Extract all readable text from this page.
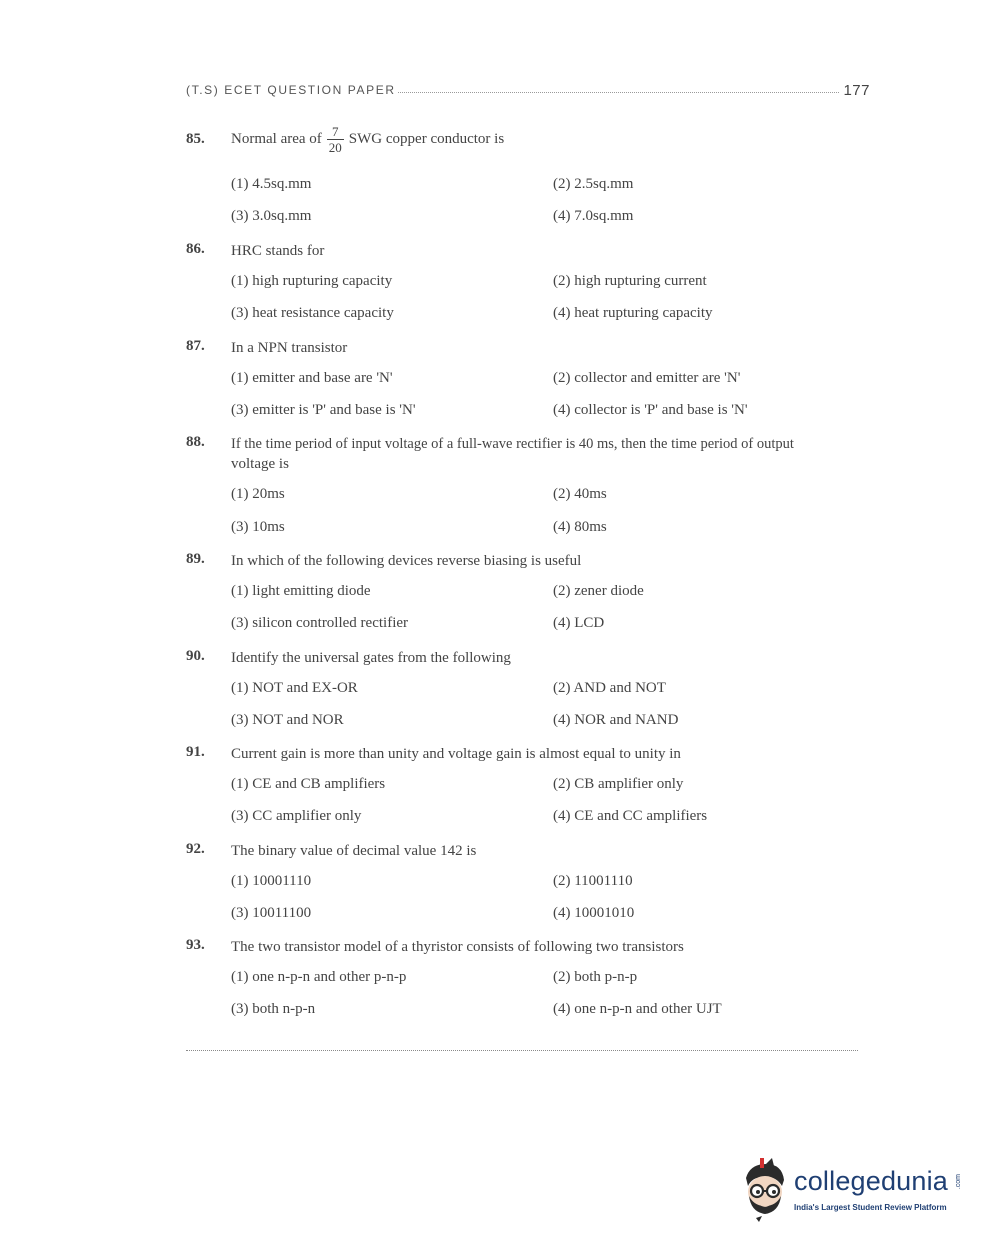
(T.S) ECET QUESTION PAPER	177
85. Normal area of $\frac{7}{20}$ SWG copper conductor is
(1) 4.5sq.mm	(2) 2.5sq.mm
(3) 3.0sq.mm	(4) 7.0sq.mm
86. HRC stands for
(1) high rupturing capacity	(2) high rupturing current
(3) heat resistance capacity	(4) heat rupturing capacity
87. In a NPN transistor
(1) emitter and base are 'N'	(2) collector and emitter are 'N'
(3) emitter is 'P' and base is 'N'	(4) collector is 'P' and base is 'N'
88. If the time period of input voltage of a full-wave rectifier is 40 ms, then the time period of output
voltage is
(1) 20ms	(2) 40ms
(3) 10ms	(4) 80ms
89. In which of the following devices reverse biasing is useful
(1) light emitting diode	(2) zener diode
(3) silicon controlled rectifier	(4) LCD
90. Identify the universal gates from the following
(1) NOT and EX-OR	(2) AND and NOT
(3) NOT and NOR	(4) NOR and NAND
91. Current gain is more than unity and voltage gain is almost equal to unity in
(1) CE and CB amplifiers	(2) CB amplifier only
(3) CC amplifier only	(4) CE and CC amplifiers
92. The binary value of decimal value 142 is
(1) 10001110	(2) 11001110
(3) 10011100	(4) 10001010
93. The two transistor model of a thyristor consists of following two transistors
(1) one n-p-n and other p-n-p	(2) both p-n-p
(3) both n-p-n	(4) one n-p-n and other UJT
collegedunia .com
India's Largest Student Review Platform
